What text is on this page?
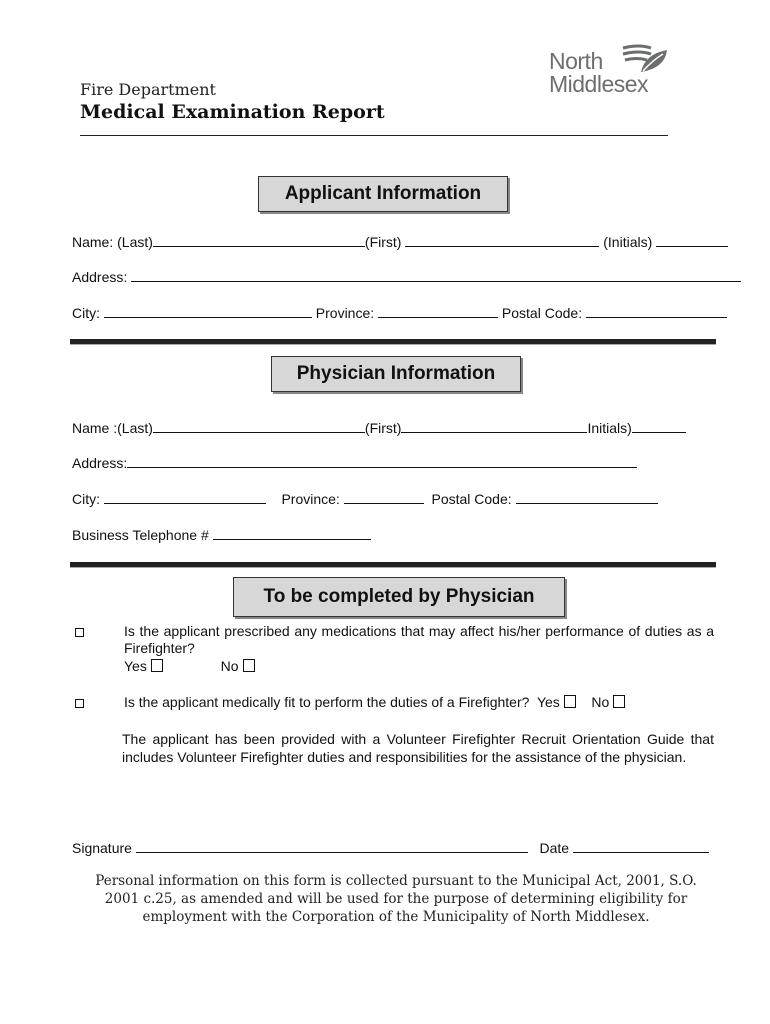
Fire Department
Medical Examination Report
North
Middlesex
Applicant Information
Name: (Last)	(First)	(Initials)
Address:
City:	Province:	Postal Code:
Physician Information
Name :(Last)	(First)	Initials)
Address:
City:	Province:	Postal Code:
Business Telephone #
To be completed by Physician
Is the applicant prescribed any medications that may affect his/her performance of duties as a Firefighter?
Yes	No
Is the applicant medically fit to perform the duties of a Firefighter? Yes No
The applicant has been provided with a Volunteer Firefighter Recruit Orientation Guide that includes Volunteer Firefighter duties and responsibilities for the assistance of the physician.
Signature	Date
Personal information on this form is collected pursuant to the Municipal Act, 2001, S.O. 2001 c.25, as amended and will be used for the purpose of determining eligibility for employment with the Corporation of the Municipality of North Middlesex.
